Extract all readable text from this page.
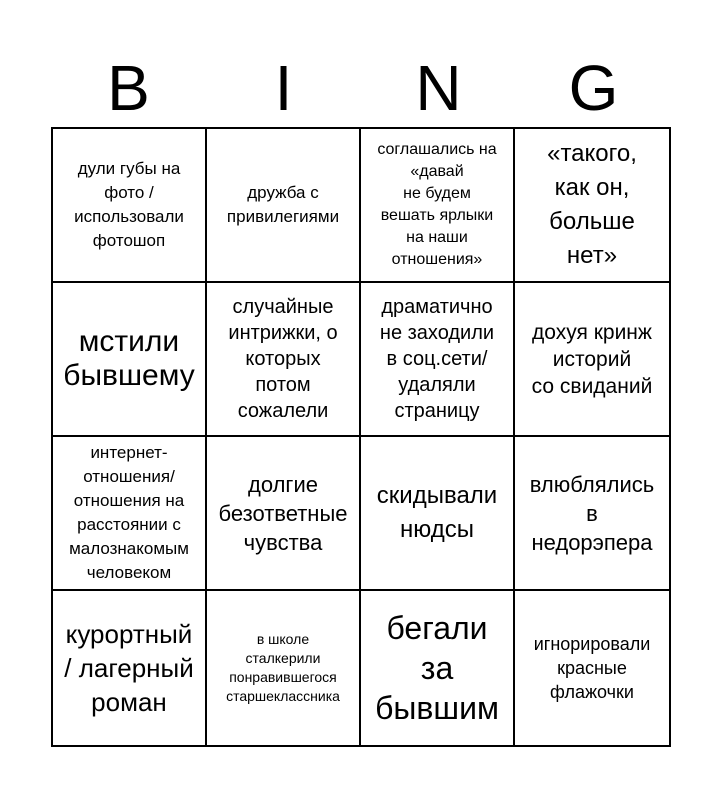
B	I	N	G
дули губы на
фото /
использовали
фотошоп
дружба с
привилегиями
соглашались на
«давай
не будем
вешать ярлыки
на наши
отношения»
«такого,
как он,
больше
нет»
мстили
бывшему
случайные
интрижки, о
которых
потом
сожалели
драматично
не заходили
в соц.сети/
удаляли
страницу
дохуя кринж
историй
со свиданий
интернет-
отношения/
отношения на
расстоянии с
малознакомым
человеком
долгие
безответные
чувства
скидывали
нюдсы
влюблялись
в
недорэпера
курортный
/ лагерный
роман
в школе
сталкерили
понравившегося
старшеклассника
бегали
за
бывшим
игнорировали
красные
флажочки
